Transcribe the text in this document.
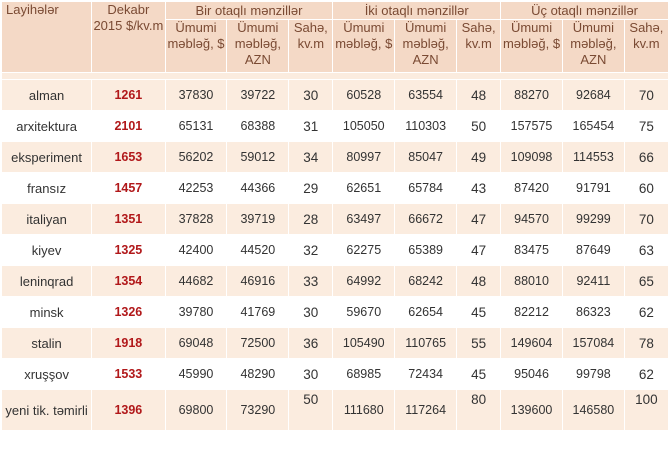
Layihələr	Dekabr 2015 $/kv.m	Bir otaqlı mənzillər			İki otaqlı mənzillər			Üç otaqlı mənzillər		
		Ümumi məbləğ, $	Ümumi məbləğ, AZN	Sahə, kv.m	Ümumi məbləğ, $	Ümumi məbləğ, AZN	Sahə, kv.m	Ümumi məbləğ, $	Ümumi məbləğ, AZN	Sahə, kv.m

alman	1261	37830	39722	30	60528	63554	48	88270	92684	70
arxitektura	2101	65131	68388	31	105050	110303	50	157575	165454	75
eksperiment	1653	56202	59012	34	80997	85047	49	109098	114553	66
fransız	1457	42253	44366	29	62651	65784	43	87420	91791	60
italiyan	1351	37828	39719	28	63497	66672	47	94570	99299	70
kiyev	1325	42400	44520	32	62275	65389	47	83475	87649	63
leninqrad	1354	44682	46916	33	64992	68242	48	88010	92411	65
minsk	1326	39780	41769	30	59670	62654	45	82212	86323	62
stalin	1918	69048	72500	36	105490	110765	55	149604	157084	78
xruşşov	1533	45990	48290	30	68985	72434	45	95046	99798	62
yeni tik. təmirli	1396	69800	73290	50	111680	117264	80	139600	146580	100
